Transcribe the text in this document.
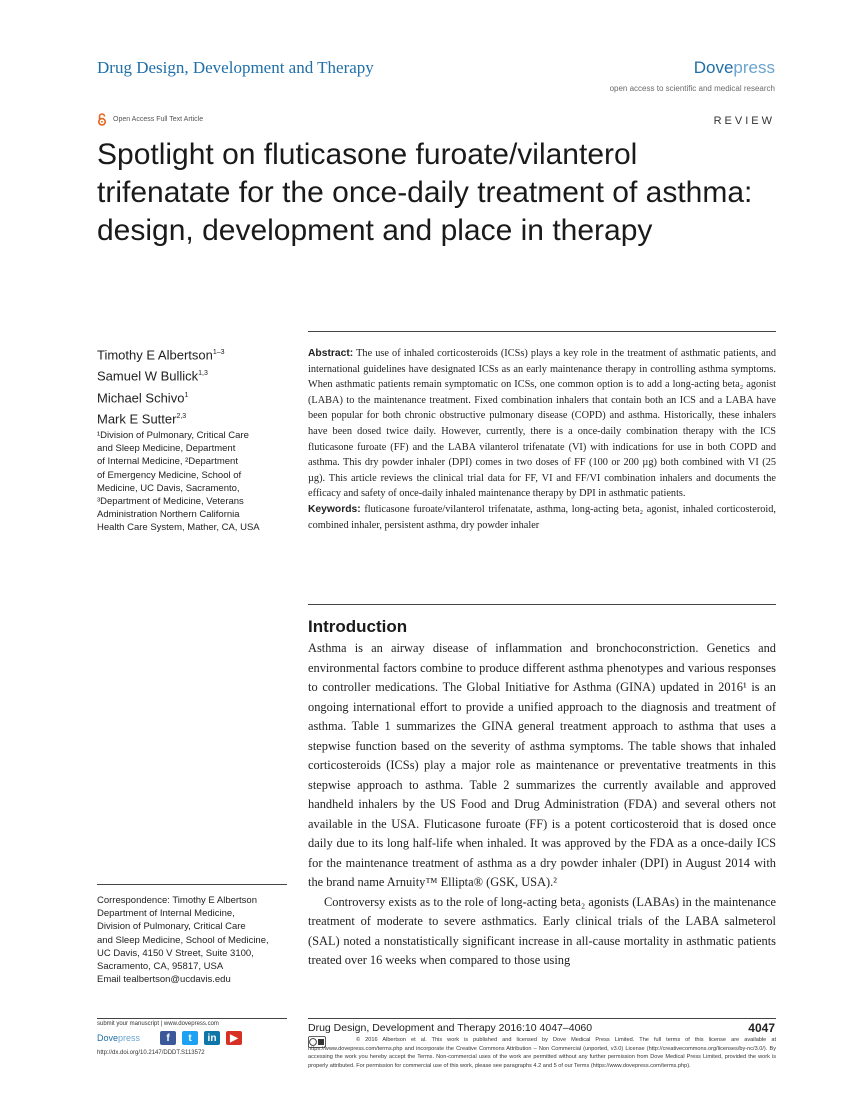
Drug Design, Development and Therapy	Dovepress
open access to scientific and medical research
Open Access Full Text Article	REVIEW
Spotlight on fluticasone furoate/vilanterol
trifenatate for the once-daily treatment of asthma:
design, development and place in therapy
Timothy E Albertson$^{1-3}$
Samuel W Bullick$^{1,3}$
Michael Schivo$^1$
Mark E Sutter$^{2,3}$
¹Division of Pulmonary, Critical Care
and Sleep Medicine, Department
of Internal Medicine, ²Department
of Emergency Medicine, School of
Medicine, UC Davis, Sacramento,
³Department of Medicine, Veterans
Administration Northern California
Health Care System, Mather, CA, USA

Abstract: The use of inhaled corticosteroids (ICSs) plays a key role in the treatment of asthmatic patients, and international guidelines have designated ICSs as an early maintenance therapy in controlling asthma symptoms. When asthmatic patients remain symptomatic on ICSs, one common option is to add a long-acting beta₂ agonist (LABA) to the maintenance treatment. Fixed combination inhalers that contain both an ICS and a LABA have been popular for both chronic obstructive pulmonary disease (COPD) and asthma. Historically, these inhalers have been dosed twice daily. However, currently, there is a once-daily combination therapy with the ICS fluticasone furoate (FF) and the LABA vilanterol trifenatate (VI) with indications for use in both COPD and asthma. This dry powder inhaler (DPI) comes in two doses of FF (100 or 200 µg) both combined with VI (25 µg). This article reviews the clinical trial data for FF, VI and FF/VI combination inhalers and documents the efficacy and safety of once-daily inhaled maintenance therapy by DPI in asthmatic patients.

Keywords: fluticasone furoate/vilanterol trifenatate, asthma, long-acting beta₂ agonist, inhaled corticosteroid, combined inhaler, persistent asthma, dry powder inhaler

Introduction

Asthma is an airway disease of inflammation and bronchoconstriction. Genetics and environmental factors combine to produce different asthma phenotypes and various responses to controller medications. The Global Initiative for Asthma (GINA) updated in 2016¹ is an ongoing international effort to provide a unified approach to the diagnosis and treatment of asthma. Table 1 summarizes the GINA general treatment approach to asthma that uses a stepwise function based on the severity of asthma symptoms. The table shows that inhaled corticosteroids (ICSs) play a major role as maintenance or preventative treatments in this stepwise approach to asthma. Table 2 summarizes the currently available and approved handheld inhalers by the US Food and Drug Administration (FDA) and several others not available in the USA. Fluticasone furoate (FF) is a potent corticosteroid that is dosed once daily due to its long half-life when inhaled. It was approved by the FDA as a once-daily ICS for the maintenance treatment of asthma as a dry powder inhaler (DPI) in August 2014 with the brand name Arnuity™ Ellipta® (GSK, USA).²

Controversy exists as to the role of long-acting beta₂ agonists (LABAs) in the maintenance treatment of moderate to severe asthmatics. Early clinical trials of the LABA salmeterol (SAL) noted a nonstatistically significant increase in all-cause mortality in asthmatic patients treated over 16 weeks when compared to those using

Correspondence: Timothy E Albertson
Department of Internal Medicine,
Division of Pulmonary, Critical Care
and Sleep Medicine, School of Medicine,
UC Davis, 4150 V Street, Suite 3100,
Sacramento, CA, 95817, USA
Email tealbertson@ucdavis.edu
submit your manuscript | www.dovepress.com
Dovepress	f	t	in	▶
http://dx.doi.org/10.2147/DDDT.S113572
Drug Design, Development and Therapy 2016:10 4047–4060	4047
© 2016 Albertson et al. This work is published and licensed by Dove Medical Press Limited. The full terms of this license are available at https://www.dovepress.com/terms.php and incorporate the Creative Commons Attribution – Non Commercial (unported, v3.0) License (http://creativecommons.org/licenses/by-nc/3.0/). By accessing the work you hereby accept the Terms. Non-commercial uses of the work are permitted without any further permission from Dove Medical Press Limited, provided the work is properly attributed. For permission for commercial use of this work, please see paragraphs 4.2 and 5 of our Terms (https://www.dovepress.com/terms.php).
